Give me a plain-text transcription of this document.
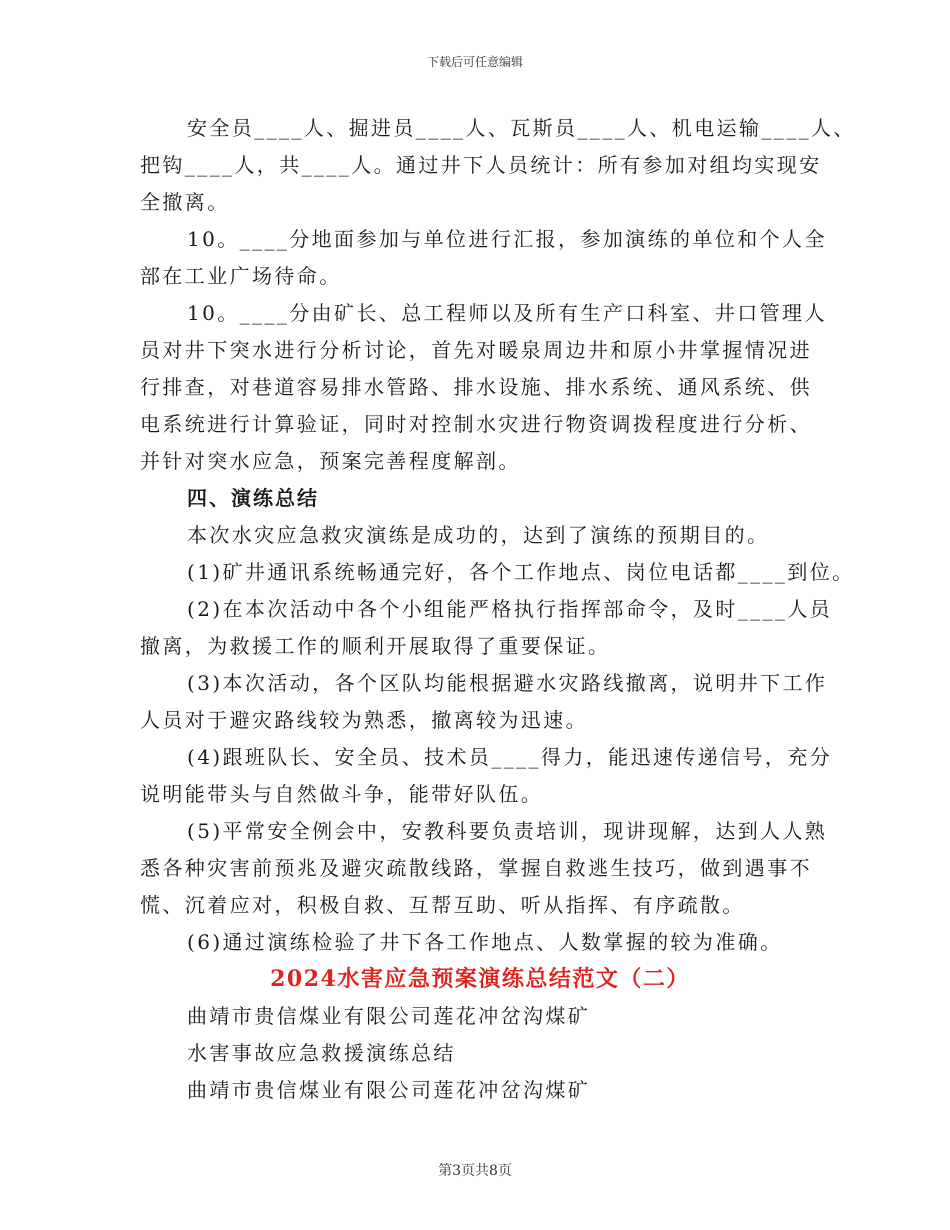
下载后可任意编辑
安全员____人、掘进员____人、瓦斯员____人、机电运输____人、
把钩____人，共____人。通过井下人员统计：所有参加对组均实现安
全撤离。
10。____分地面参加与单位进行汇报，参加演练的单位和个人全
部在工业广场待命。
10。____分由矿长、总工程师以及所有生产口科室、井口管理人
员对井下突水进行分析讨论，首先对暖泉周边井和原小井掌握情况进
行排查，对巷道容易排水管路、排水设施、排水系统、通风系统、供
电系统进行计算验证，同时对控制水灾进行物资调拨程度进行分析、
并针对突水应急，预案完善程度解剖。
四、演练总结
本次水灾应急救灾演练是成功的，达到了演练的预期目的。
(1)矿井通讯系统畅通完好，各个工作地点、岗位电话都____到位。
(2)在本次活动中各个小组能严格执行指挥部命令，及时____人员
撤离，为救援工作的顺利开展取得了重要保证。
(3)本次活动，各个区队均能根据避水灾路线撤离，说明井下工作
人员对于避灾路线较为熟悉，撤离较为迅速。
(4)跟班队长、安全员、技术员____得力，能迅速传递信号，充分
说明能带头与自然做斗争，能带好队伍。
(5)平常安全例会中，安教科要负责培训，现讲现解，达到人人熟
悉各种灾害前预兆及避灾疏散线路，掌握自救逃生技巧，做到遇事不
慌、沉着应对，积极自救、互帮互助、听从指挥、有序疏散。
(6)通过演练检验了井下各工作地点、人数掌握的较为准确。
2024水害应急预案演练总结范文（二）
曲靖市贵信煤业有限公司莲花冲岔沟煤矿
水害事故应急救援演练总结
曲靖市贵信煤业有限公司莲花冲岔沟煤矿
第3页共8页
